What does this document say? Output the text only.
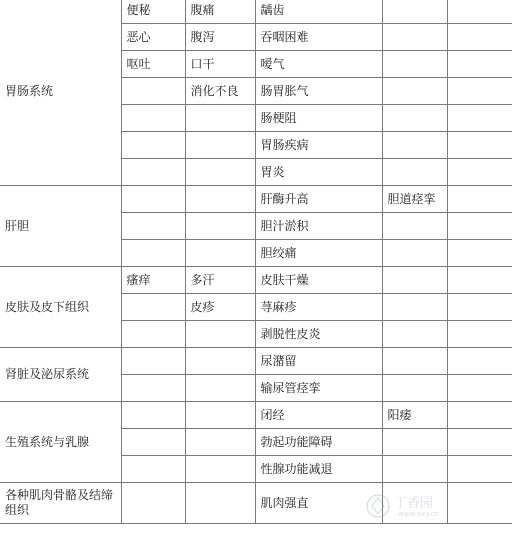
胃肠系统	便秘	腹痛	龋齿		
	恶心	腹泻	吞咽困难		
	呕吐	口干	嗳气		
		消化不良	肠胃胀气		
			肠梗阻		
			胃肠疾病		
			胃炎		
肝胆			肝酶升高	胆道痉挛	
			胆汁淤积		
			胆绞痛		
皮肤及皮下组织	瘙痒	多汗	皮肤干燥		
		皮疹	荨麻疹		
			剥脱性皮炎		
肾脏及泌尿系统			尿潴留		
			输尿管痉挛		
生殖系统与乳腺			闭经	阳痿	
			勃起功能障碍		
			性腺功能减退		
各种肌肉骨骼及结缔组织			肌肉强直			丁香园
www.dxy.cn
